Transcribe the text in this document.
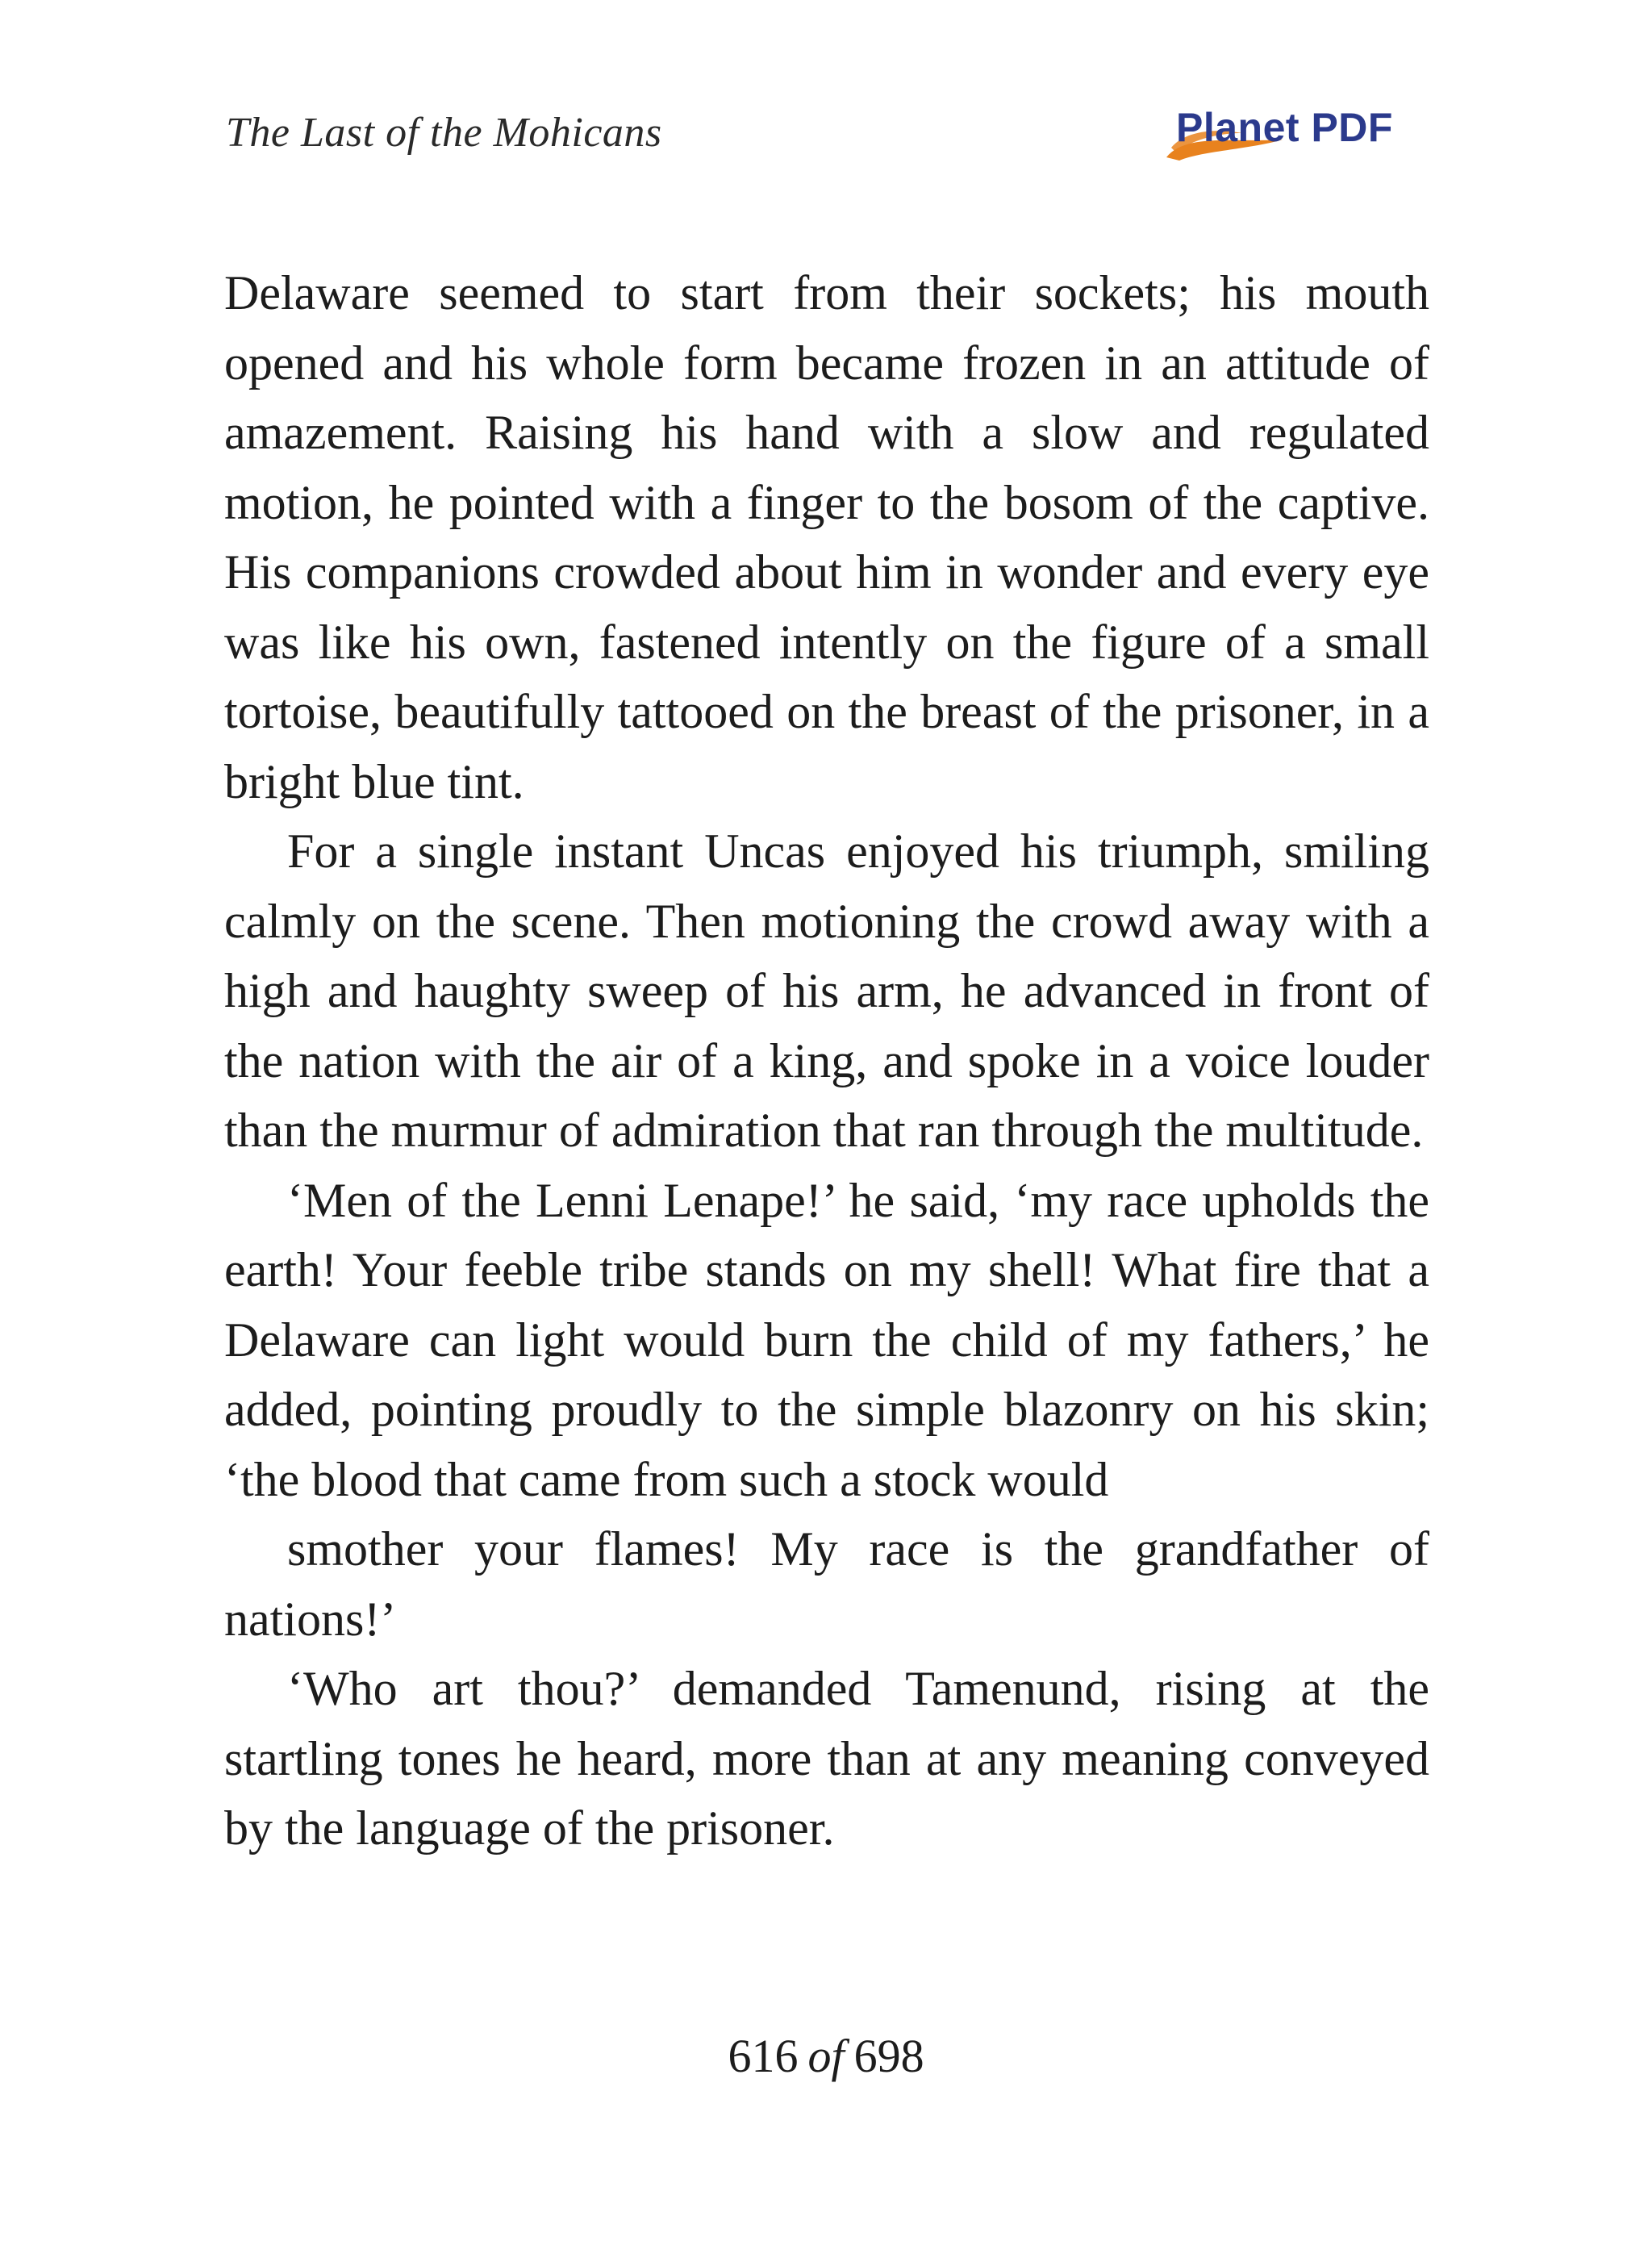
The Last of the Mohicans	Planet PDF

Delaware seemed to start from their sockets; his mouth opened and his whole form became frozen in an attitude of amazement. Raising his hand with a slow and regulated motion, he pointed with a finger to the bosom of the captive. His companions crowded about him in wonder and every eye was like his own, fastened intently on the figure of a small tortoise, beautifully tattooed on the breast of the prisoner, in a bright blue tint.

For a single instant Uncas enjoyed his triumph, smiling calmly on the scene. Then motioning the crowd away with a high and haughty sweep of his arm, he advanced in front of the nation with the air of a king, and spoke in a voice louder than the murmur of admiration that ran through the multitude.

‘Men of the Lenni Lenape!’ he said, ‘my race upholds the earth! Your feeble tribe stands on my shell! What fire that a Delaware can light would burn the child of my fathers,’ he added, pointing proudly to the simple blazonry on his skin; ‘the blood that came from such a stock would

smother your flames! My race is the grandfather of nations!’

‘Who art thou?’ demanded Tamenund, rising at the startling tones he heard, more than at any meaning conveyed by the language of the prisoner.

616 of 698
